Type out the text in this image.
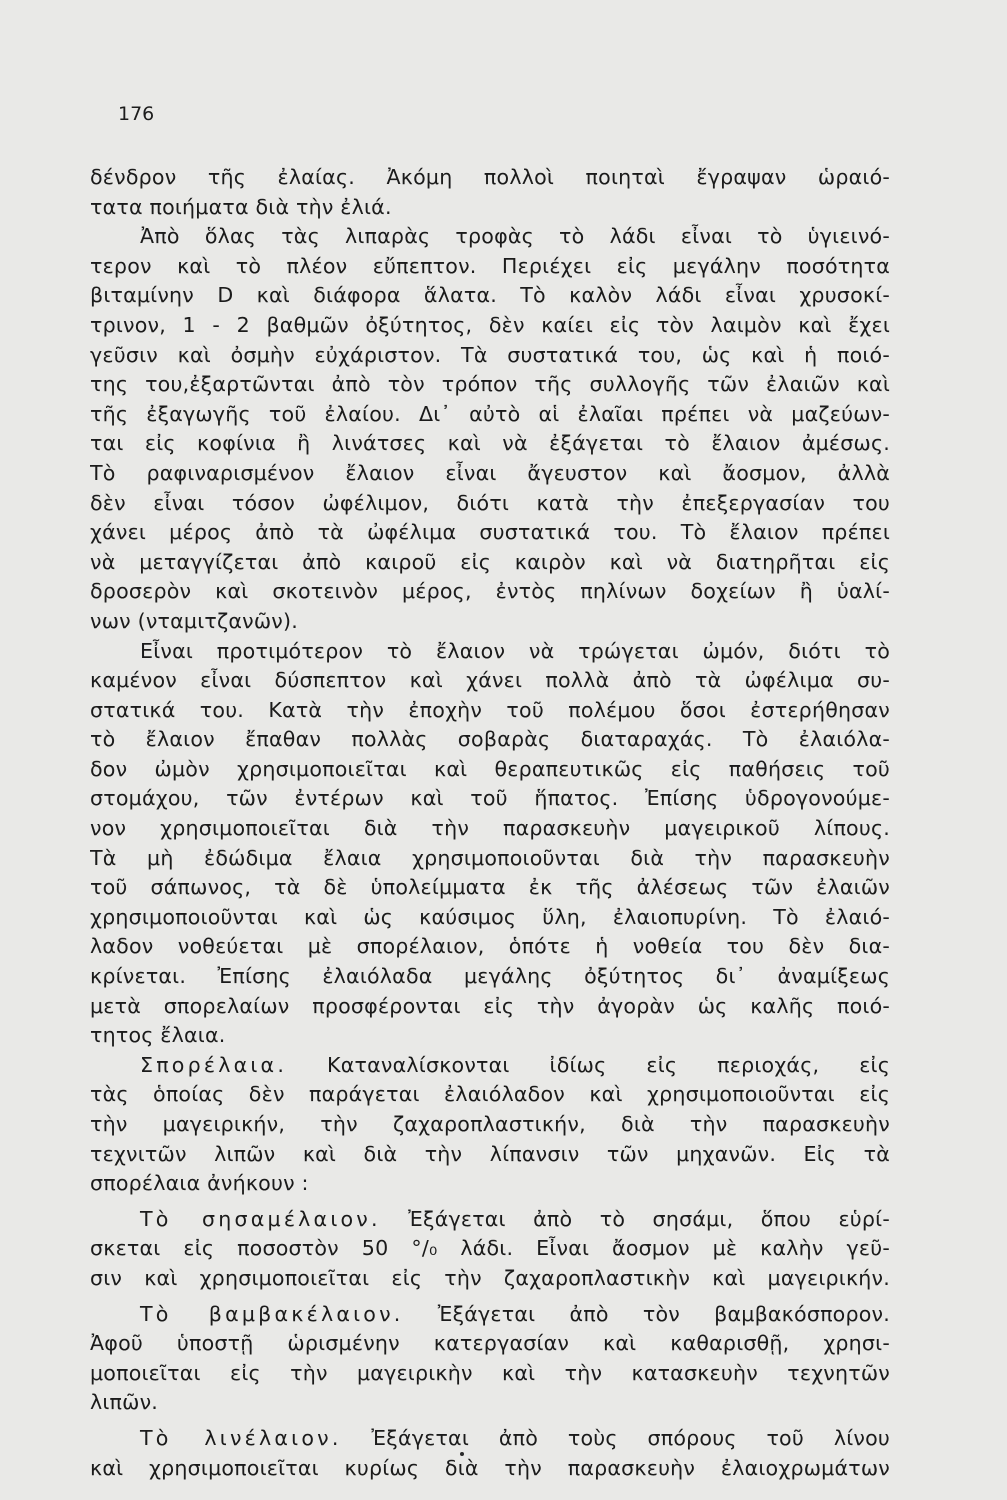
176
δένδρον τῆς ἐλαίας. Ἀκόμη πολλοὶ ποιηταὶ ἔγραψαν ὡραιό-
τατα ποιήματα διὰ τὴν ἐλιά.
Ἀπὸ ὅλας τὰς λιπαρὰς τροφὰς τὸ λάδι εἶναι τὸ ὑγιεινό-
τερον καὶ τὸ πλέον εὔπεπτον. Περιέχει εἰς μεγάλην ποσότητα
βιταμίνην D καὶ διάφορα ἅλατα. Τὸ καλὸν λάδι εἶναι χρυσοκί-
τρινον, 1 - 2 βαθμῶν ὀξύτητος, δὲν καίει εἰς τὸν λαιμὸν καὶ ἔχει
γεῦσιν καὶ ὀσμὴν εὐχάριστον. Τὰ συστατικά του, ὡς καὶ ἡ ποιό-
της του,ἐξαρτῶνται ἀπὸ τὸν τρόπον τῆς συλλογῆς τῶν ἐλαιῶν καὶ
τῆς ἐξαγωγῆς τοῦ ἐλαίου. Δι᾽ αὐτὸ αἱ ἐλαῖαι πρέπει νὰ μαζεύων-
ται εἰς κοφίνια ἢ λινάτσες καὶ νὰ ἐξάγεται τὸ ἔλαιον ἀμέσως.
Τὸ ραφιναρισμένον ἔλαιον εἶναι ἄγευστον καὶ ἄοσμον, ἀλλὰ
δὲν εἶναι τόσον ὠφέλιμον, διότι κατὰ τὴν ἐπεξεργασίαν του
χάνει μέρος ἀπὸ τὰ ὠφέλιμα συστατικά του. Τὸ ἔλαιον πρέπει
νὰ μεταγγίζεται ἀπὸ καιροῦ εἰς καιρὸν καὶ νὰ διατηρῆται εἰς
δροσερὸν καὶ σκοτεινὸν μέρος, ἐντὸς πηλίνων δοχείων ἢ ὑαλί-
νων (νταμιτζανῶν).
Εἶναι προτιμότερον τὸ ἔλαιον νὰ τρώγεται ὠμόν, διότι τὸ
καμένον εἶναι δύσπεπτον καὶ χάνει πολλὰ ἀπὸ τὰ ὠφέλιμα συ-
στατικά του. Κατὰ τὴν ἐποχὴν τοῦ πολέμου ὅσοι ἐστερήθησαν
τὸ ἔλαιον ἔπαθαν πολλὰς σοβαρὰς διαταραχάς. Τὸ ἐλαιόλα-
δον ὠμὸν χρησιμοποιεῖται καὶ θεραπευτικῶς εἰς παθήσεις τοῦ
στομάχου, τῶν ἐντέρων καὶ τοῦ ἥπατος. Ἐπίσης ὑδρογονούμε-
νον χρησιμοποιεῖται διὰ τὴν παρασκευὴν μαγειρικοῦ λίπους.
Τὰ μὴ ἐδώδιμα ἔλαια χρησιμοποιοῦνται διὰ τὴν παρασκευὴν
τοῦ σάπωνος, τὰ δὲ ὑπολείμματα ἐκ τῆς ἀλέσεως τῶν ἐλαιῶν
χρησιμοποιοῦνται καὶ ὡς καύσιμος ὕλη, ἐλαιοπυρίνη. Τὸ ἐλαιό-
λαδον νοθεύεται μὲ σπορέλαιον, ὁπότε ἡ νοθεία του δὲν δια-
κρίνεται. Ἐπίσης ἐλαιόλαδα μεγάλης ὀξύτητος δι᾽ ἀναμίξεως
μετὰ σπορελαίων προσφέρονται εἰς τὴν ἀγορὰν ὡς καλῆς ποιό-
τητος ἔλαια.
Σπορέλαια. Καταναλίσκονται ἰδίως εἰς περιοχάς, εἰς
τὰς ὁποίας δὲν παράγεται ἐλαιόλαδον καὶ χρησιμοποιοῦνται εἰς
τὴν μαγειρικήν, τὴν ζαχαροπλαστικήν, διὰ τὴν παρασκευὴν
τεχνιτῶν λιπῶν καὶ διὰ τὴν λίπανσιν τῶν μηχανῶν. Εἰς τὰ
σπορέλαια ἀνήκουν :
Τὸ σησαμέλαιον. Ἐξάγεται ἀπὸ τὸ σησάμι, ὅπου εὑρί-
σκεται εἰς ποσοστὸν 50 °/₀ λάδι. Εἶναι ἄοσμον μὲ καλὴν γεῦ-
σιν καὶ χρησιμοποιεῖται εἰς τὴν ζαχαροπλαστικὴν καὶ μαγειρικήν.
Τὸ βαμβακέλαιον. Ἐξάγεται ἀπὸ τὸν βαμβακόσπορον.
Ἀφοῦ ὑποστῇ ὡρισμένην κατεργασίαν καὶ καθαρισθῇ, χρησι-
μοποιεῖται εἰς τὴν μαγειρικὴν καὶ τὴν κατασκευὴν τεχνητῶν
λιπῶν.
Τὸ λινέλαιον. Ἐξάγεται ἀπὸ τοὺς σπόρους τοῦ λίνου
καὶ χρησιμοποιεῖται κυρίως διὰ τὴν παρασκευὴν ἐλαιοχρωμάτων
